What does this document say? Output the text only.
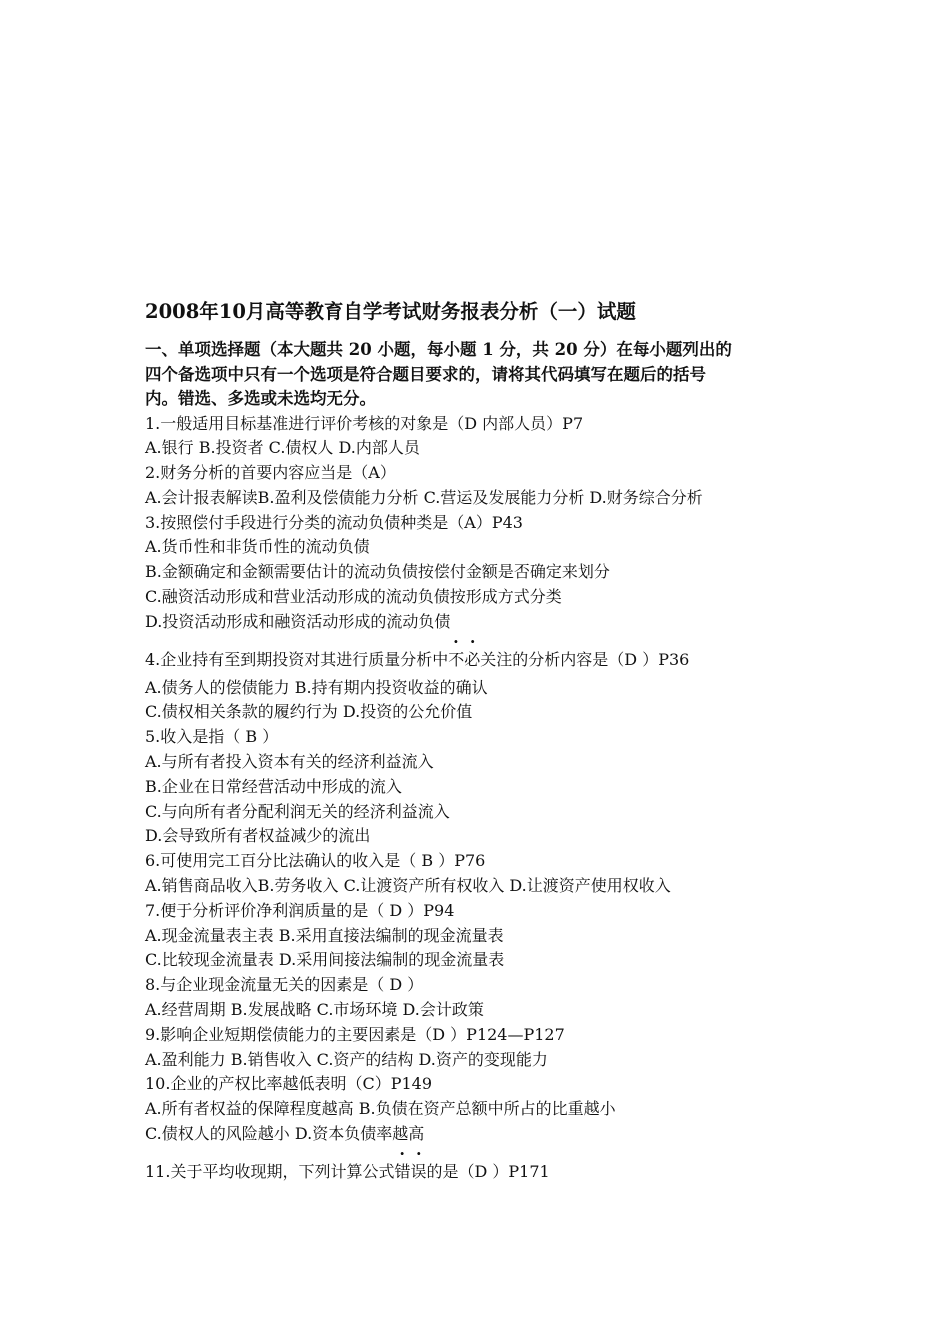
2008年10月高等教育自学考试财务报表分析（一）试题
一、单项选择题（本大题共 20 小题，每小题 1 分，共 20 分）在每小题列出的
四个备选项中只有一个选项是符合题目要求的，请将其代码填写在题后的括号
内。错选、多选或未选均无分。
1.一般适用目标基准进行评价考核的对象是（D 内部人员）P7
A.银行 B.投资者 C.债权人 D.内部人员
2.财务分析的首要内容应当是（A）
A.会计报表解读B.盈利及偿债能力分析 C.营运及发展能力分析 D.财务综合分析
3.按照偿付手段进行分类的流动负债种类是（A）P43
A.货币性和非货币性的流动负债
B.金额确定和金额需要估计的流动负债按偿付金额是否确定来划分
C.融资活动形成和营业活动形成的流动负债按形成方式分类
D.投资活动形成和融资活动形成的流动负债
4.企业持有至到期投资对其进行质量分析中·  · 不必关注的分析内容是（D ）P36
A.债务人的偿债能力 B.持有期内投资收益的确认
C.债权相关条款的履约行为 D.投资的公允价值
5.收入是指（ B ）
A.与所有者投入资本有关的经济利益流入
B.企业在日常经营活动中形成的流入
C.与向所有者分配利润无关的经济利益流入
D.会导致所有者权益减少的流出
6.可使用完工百分比法确认的收入是（ B ）P76
A.销售商品收入B.劳务收入 C.让渡资产所有权收入 D.让渡资产使用权收入
7.便于分析评价净利润质量的是（ D ）P94
A.现金流量表主表 B.采用直接法编制的现金流量表
C.比较现金流量表 D.采用间接法编制的现金流量表
8.与企业现金流量无关的因素是（ D ）
A.经营周期 B.发展战略 C.市场环境 D.会计政策
9.影响企业短期偿债能力的主要因素是（D ）P124—P127
A.盈利能力 B.销售收入 C.资产的结构 D.资产的变现能力
10.企业的产权比率越低表明（C）P149
A.所有者权益的保障程度越高 B.负债在资产总额中所占的比重越小
C.债权人的风险越小 D.资本负债率越高
11.关于平均收现期，下列计算公式·  · 错误的是（D ）P171
